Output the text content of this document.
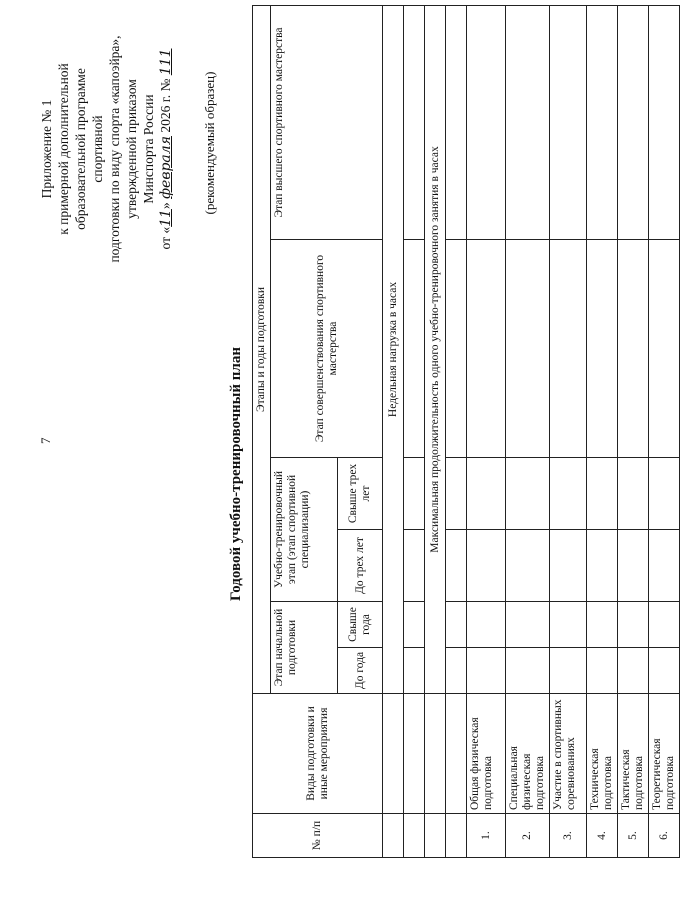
7
Приложение № 1 к примерной дополнительной образовательной программе спортивной подготовки по виду спорта «капоэйра», утвержденной приказом Минспорта России
от «11» февраля 2026 г. № 111
(рекомендуемый образец)
Годовой учебно-тренировочный план
№ п/п	Виды подготовки и иные мероприятия	Этапы и годы подготовки					
		Этап начальной подготовки		Учебно-тренировочный этап (этап спортивной специализации)		Этап совершенствования спортивного мастерства	Этап высшего спортивного мастерства
		До года	Свыше года	До трех лет	Свыше трех лет		
		Недельная нагрузка в часах					

		Максимальная продолжительность одного учебно-тренировочного занятия в часах					

1.	Общая физическая подготовка						
2.	Специальная физическая подготовка						
3.	Участие в спортивных соревнованиях						
4.	Техническая подготовка						
5.	Тактическая подготовка						
6.	Теоретическая подготовка						
